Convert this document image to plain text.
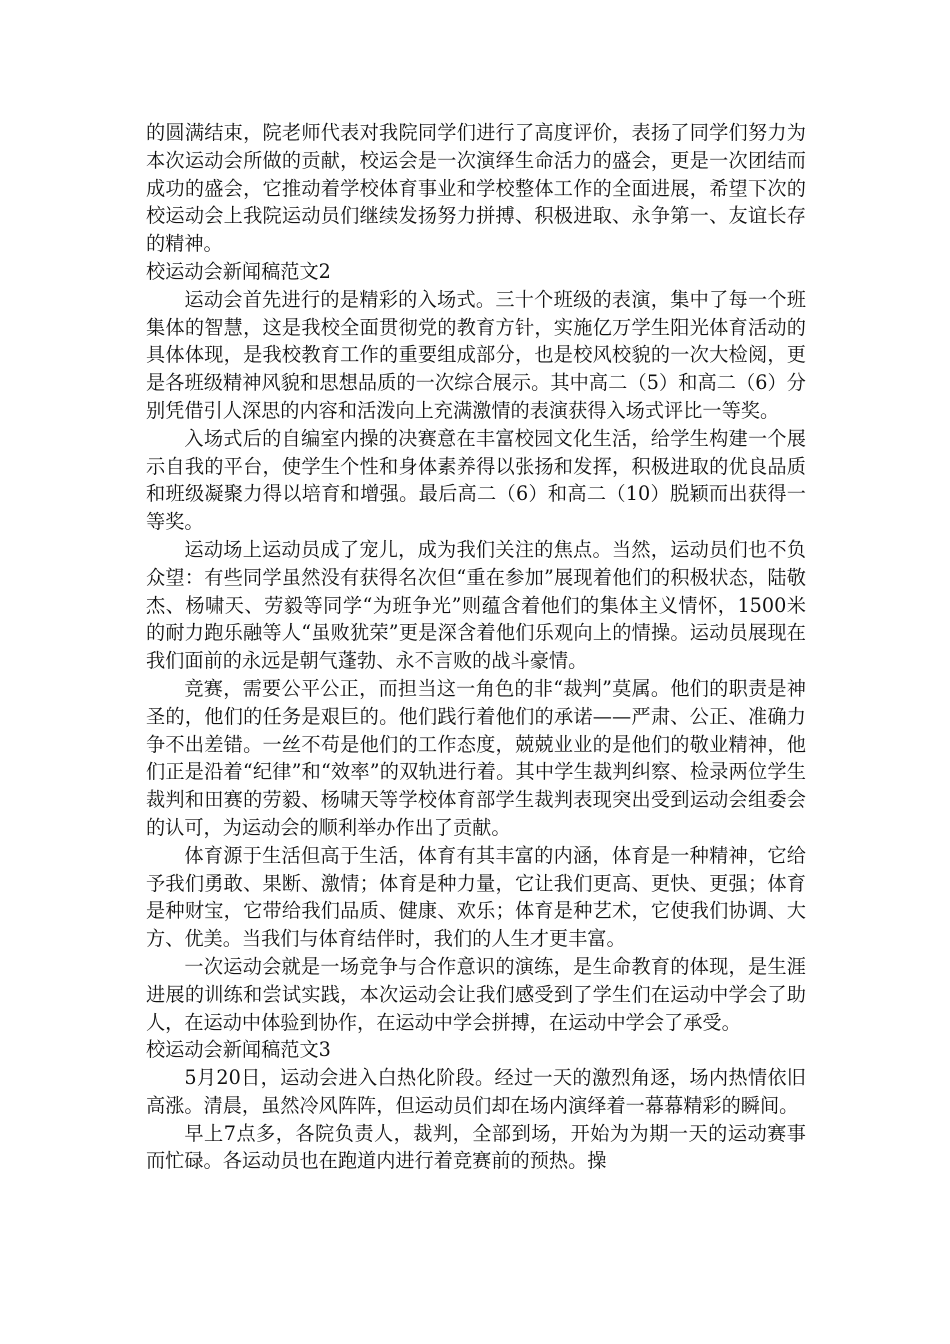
的圆满结束，院老师代表对我院同学们进行了高度评价，表扬了同学们努力为本次运动会所做的贡献，校运会是一次演绎生命活力的盛会，更是一次团结而成功的盛会，它推动着学校体育事业和学校整体工作的全面进展，希望下次的校运动会上我院运动员们继续发扬努力拼搏、积极进取、永争第一、友谊长存的精神。

校运动会新闻稿范文2

运动会首先进行的是精彩的入场式。三十个班级的表演，集中了每一个班集体的智慧，这是我校全面贯彻党的教育方针，实施亿万学生阳光体育活动的具体体现，是我校教育工作的重要组成部分，也是校风校貌的一次大检阅，更是各班级精神风貌和思想品质的一次综合展示。其中高二（5）和高二（6）分别凭借引人深思的内容和活泼向上充满激情的表演获得入场式评比一等奖。

入场式后的自编室内操的决赛意在丰富校园文化生活，给学生构建一个展示自我的平台，使学生个性和身体素养得以张扬和发挥，积极进取的优良品质和班级凝聚力得以培育和增强。最后高二（6）和高二（10）脱颖而出获得一等奖。

运动场上运动员成了宠儿，成为我们关注的焦点。当然，运动员们也不负众望：有些同学虽然没有获得名次但“重在参加”展现着他们的积极状态，陆敬杰、杨啸天、劳毅等同学“为班争光”则蕴含着他们的集体主义情怀，1500米的耐力跑乐融等人“虽败犹荣”更是深含着他们乐观向上的情操。运动员展现在我们面前的永远是朝气蓬勃、永不言败的战斗豪情。

竞赛，需要公平公正，而担当这一角色的非“裁判”莫属。他们的职责是神圣的，他们的任务是艰巨的。他们践行着他们的承诺——严肃、公正、准确力争不出差错。一丝不苟是他们的工作态度，兢兢业业的是他们的敬业精神，他们正是沿着“纪律”和“效率”的双轨进行着。其中学生裁判纠察、检录两位学生裁判和田赛的劳毅、杨啸天等学校体育部学生裁判表现突出受到运动会组委会的认可，为运动会的顺利举办作出了贡献。

体育源于生活但高于生活，体育有其丰富的内涵，体育是一种精神，它给予我们勇敢、果断、激情；体育是种力量，它让我们更高、更快、更强；体育是种财宝，它带给我们品质、健康、欢乐；体育是种艺术，它使我们协调、大方、优美。当我们与体育结伴时，我们的人生才更丰富。

一次运动会就是一场竞争与合作意识的演练，是生命教育的体现，是生涯进展的训练和尝试实践，本次运动会让我们感受到了学生们在运动中学会了助人，在运动中体验到协作，在运动中学会拼搏，在运动中学会了承受。

校运动会新闻稿范文3

5月20日，运动会进入白热化阶段。经过一天的激烈角逐，场内热情依旧高涨。清晨，虽然冷风阵阵，但运动员们却在场内演绎着一幕幕精彩的瞬间。

早上7点多，各院负责人，裁判，全部到场，开始为为期一天的运动赛事而忙碌。各运动员也在跑道内进行着竞赛前的预热。操
